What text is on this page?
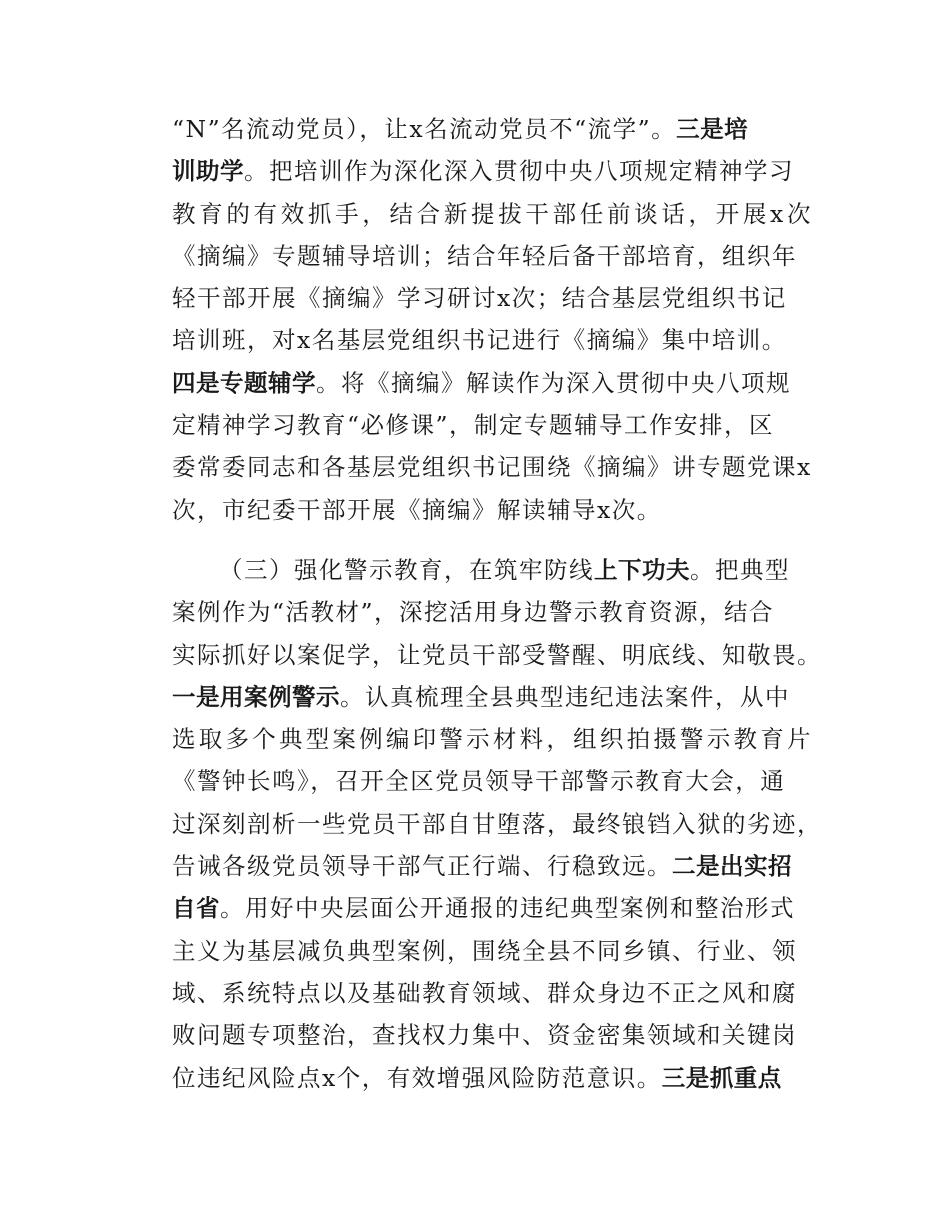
“N”名流动党员），让x名流动党员不“流学”。三是培
训助学。把培训作为深化深入贯彻中央八项规定精神学习
教育的有效抓手，结合新提拔干部任前谈话，开展x次
《摘编》专题辅导培训；结合年轻后备干部培育，组织年
轻干部开展《摘编》学习研讨x次；结合基层党组织书记
培训班，对x名基层党组织书记进行《摘编》集中培训。
四是专题辅学。将《摘编》解读作为深入贯彻中央八项规
定精神学习教育“必修课”，制定专题辅导工作安排，区
委常委同志和各基层党组织书记围绕《摘编》讲专题党课x
次，市纪委干部开展《摘编》解读辅导x次。
（三）强化警示教育，在筑牢防线上下功夫。把典型
案例作为“活教材”，深挖活用身边警示教育资源，结合
实际抓好以案促学，让党员干部受警醒、明底线、知敬畏。
一是用案例警示。认真梳理全县典型违纪违法案件，从中
选取多个典型案例编印警示材料，组织拍摄警示教育片
《警钟长鸣》，召开全区党员领导干部警示教育大会，通
过深刻剖析一些党员干部自甘堕落，最终锒铛入狱的劣迹，
告诫各级党员领导干部气正行端、行稳致远。二是出实招
自省。用好中央层面公开通报的违纪典型案例和整治形式
主义为基层减负典型案例，围绕全县不同乡镇、行业、领
域、系统特点以及基础教育领域、群众身边不正之风和腐
败问题专项整治，查找权力集中、资金密集领域和关键岗
位违纪风险点x个，有效增强风险防范意识。三是抓重点
